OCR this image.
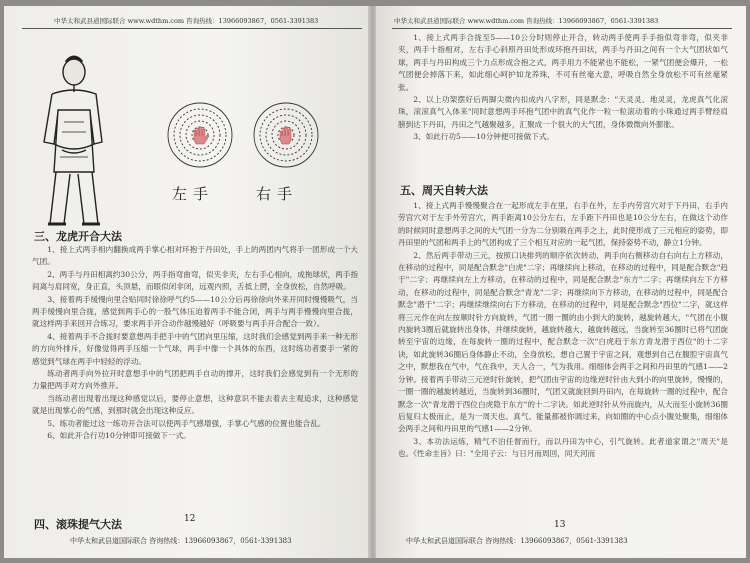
中华太和武县道国际联合 www.wdthm.com 咨询热线：13966093867，0561-3391383
左手	右手
三、龙虎开合大法

1、接上式两手相内翻换成两手掌心相对环抱于丹田处，手上的两团内气将手一团形成一个大气团。

2、两手与丹田相离约30公分，两手指弯曲弯，似夹非夹，左右手心相向，成拖球状，两手指间离与肩同宽，身正直，头顶悬，而眼似闭非闭，远观内照，舌抵上腭，全身放松，自然呼吸。

3、接着两手缓慢向里合贴同时徐徐呼气约5——10公分后再徐徐向外来开同时慢慢吸气，当两手缓慢向里合拢，感觉到两手心的一股气体压迫着两手不能合闭，两手与两手慢慢向里合拢，就这样两手来回开合练习，要求两手开合动作越慢越好（呼吸要与两手开合配合一致）。

4、接着两手不合拢时要意想两手把手中的气团向里压缩，这时我们会感觉到两手来一种无形的方向外排斥，好像觉得两手压缩一个气球，两手中像一个具体的东西，这时练功者要手一紧的感觉到气球在两手中轻轻的浮动。

练动者两手向外拉开时意想手中的气团把两手自动的撑开，这时我们会感觉到有一个无形的力量把两手对方向外推开。

当练动者出现着出现这种感觉以后，要停止意想，这种意识不能去着去主观追求，这种感觉就是出现掌心的气感，到那时就会出现这种反应。

5、练功者能过这一练功开合法可以使两手气感增强，手掌心气感的位置也能合乱。

6、如此开合行功10分钟即可接做下一式。

四、滚珠提气大法	12
中华太和武县道国际联合 咨询热线：13966093867，0561-3391383
中华太和武县道国际联合 www.wdthm.com 咨询热线：13966093867，0561-3391383

1、接上式两手合拢至5——10公分时则停止开合，转动两手使两手手指似弯非弯，似夹非夹，两手十指相对，左右手心斜照丹田处形成环抱丹田状，两手与丹田之间有一个大气团状如气球，两手与丹田构成三个力点形成合抱之式，两手用力不能紧也不能松，一紧气团便会爆开，一松气团便会掉落下来，如此细心呵护如龙养珠，不可有丝毫大意，呼吸自然全身放松不可有丝毫紧张。

2、以上功架摆好后两脚尖微内扣成内八字形，同是默念："天灵灵、地灵灵，龙虎真气化滚珠，滚滚真气入体来"同时意想两手环抱气团中的真气化作一粒一粒滚动着的小珠通过两手臂经肩膀到达下丹田，丹田之气越聚越多，汇聚成一个很大的大气团，身体微微向外膨胀。

3、如此行功5——10分钟便可接做下式。

五、周天自转大法

1、接上式两手慢慢聚合在一起形成左手在里，右手在外，左手内劳宫穴对于下丹田，右手内劳宫穴对于左手外劳宫穴，两手距离10公分左右，左手距下丹田也是10公分左右，在做这个动作的时候同时意想两手之间的大气团一分为二分别吸在两手之上，此时使形成了三元相应的姿势，即丹田里的气团和两手上的气团构成了三个相互对应的一起气团，保持姿势不动，静立1分钟。

2、然后两手带动三元，按照口诀排列的顺序依次转动，两手向右侧移动自右向右上方移动，在移动的过程中，同是配合默念"白虎"二字；再继续向上移动，在移动的过程中，同是配合默念"趋于"二字；再继续向左上方移动，在移动的过程中，同是配合默念"东方"二字；再继续向左下方移动，在移动的过程中，同是配合默念"青龙"二字；再继续向下方移动，在移动的过程中，同是配合默念"潜于"二字；再继续继续向右下方移动，在移动的过程中，同是配合默念"西位"二字，就这样将三元作在向左按顺时针方向旋转，气团一圈一圈的由小到大的旋转，越旋转越大，"气团在小腹内旋转3圈后就旋转出身体，并继续旋转，越旋转越大、越旋转越远，当旋转至36圈时已将气团旋转至宇宙的边缘，在每旋转一圈的过程中，配合默念一次"白虎趋于东方青龙潜于西位"的十二字诀，如此旋转36圈后身体静止不动，全身放松，想自己置于宇宙之间，观想到自己在腹腔宇宙真气之中，默想我在气中，气在我中，天人合一，气为我用。细细体会两手之间和丹田里的气感1——2分钟。接着两手带动三元逆时针旋转，把气团由宇宙的边缘逆时针由大到小的向里旋转，慢慢的，一圈一圈的越旋转越近，当旋转到36圈时，气团又就旋回到丹田内，在每旋转一圈的过程中，配合默念一次"青龙潜于西位白虎隐于东方"的十二字诀。如此逆时针从外而旋内，从大而至小旋转36圈后复归太极而止，是为一周天也。真气、能量都被你调过来，向如圈的中心点小腹处聚集，细细体会两手之间和丹田里的气感1——2分钟。

3、本功法运炼，精气不泊任督而行，而以丹田为中心，引气旋转。此者道家谓之"周天"是也。《性命圭旨》曰："全用子云：与日月而周回，同天河而

13
中华太和武县道国际联合 咨询热线：13966093867，0561-3391383
